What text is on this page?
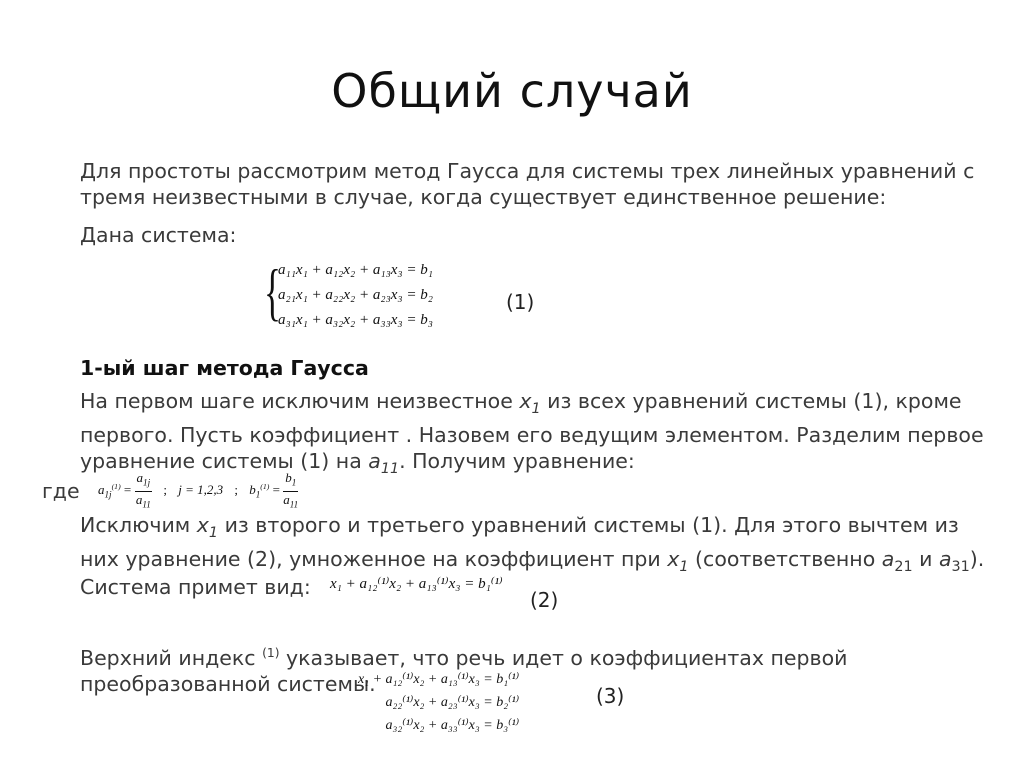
Общий случай
Для простоты рассмотрим метод Гаусса для системы трех линейных уравнений с тремя неизвестными в случае, когда существует единственное решение:
Дана система:
{
a₁₁x₁ + a₁₂x₂ + a₁₃x₃ = b₁
a₂₁x₁ + a₂₂x₂ + a₂₃x₃ = b₂
a₃₁x₁ + a₃₂x₂ + a₃₃x₃ = b₃
(1)
1-ый шаг метода Гаусса
На первом шаге исключим неизвестное $x_1$ из всех уравнений системы (1), кроме первого. Пусть коэффициент . Назовем его ведущим элементом. Разделим первое уравнение системы (1) на $a_{11}$. Получим уравнение:
где $a_{1j}^{(1)} = \frac{a_{1j}}{a_{11}}$ ; j = 1,2,3 ; $b_1^{(1)} = \frac{b_1}{a_{11}}$
Исключим $x_1$ из второго и третьего уравнений системы (1). Для этого вычтем из них уравнение (2), умноженное на коэффициент при $x_1$ (соответственно $a_{21}$ и $a_{31}$).
Система примет вид:	x₁ + a₁₂⁽¹⁾x₂ + a₁₃⁽¹⁾x₃ = b₁⁽¹⁾
(2)
Верхний индекс $^{(1)}$ указывает, что речь идет о коэффициентах первой преобразованной системы.
x₁ + a₁₂⁽¹⁾x₂ + a₁₃⁽¹⁾x₃ = b₁⁽¹⁾
a₂₂⁽¹⁾x₂ + a₂₃⁽¹⁾x₃ = b₂⁽¹⁾
a₃₂⁽¹⁾x₂ + a₃₃⁽¹⁾x₃ = b₃⁽¹⁾
(3)
